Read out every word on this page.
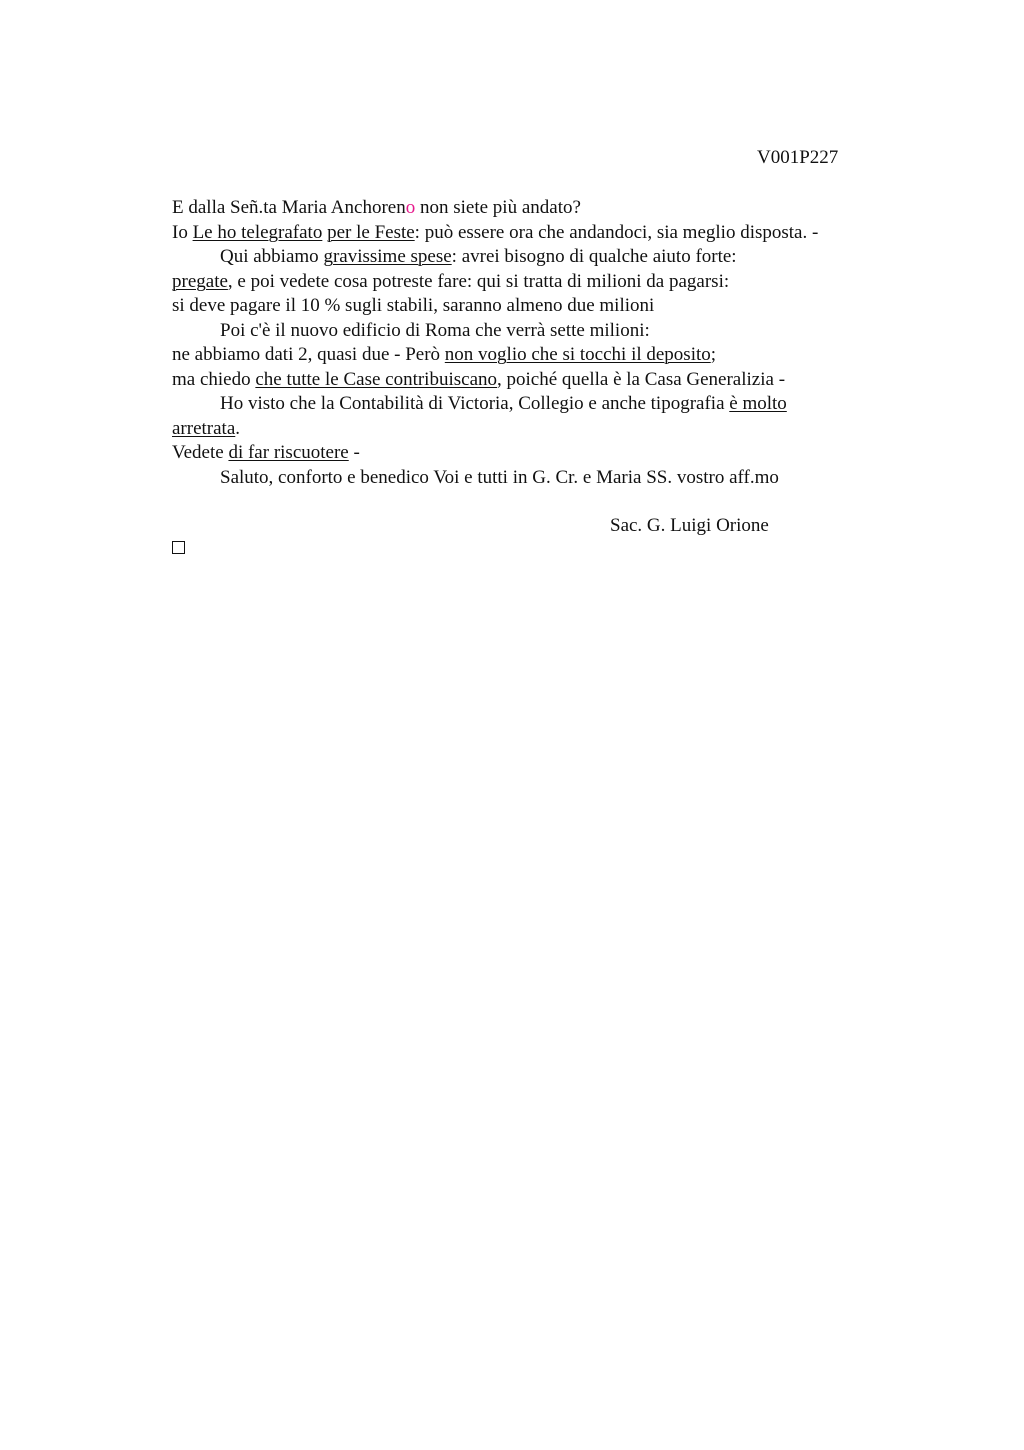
V001P227
E dalla Señ.ta Maria Anchoreno non siete più andato?
Io Le ho telegrafato per le Feste: può essere ora che andandoci, sia meglio disposta. -
Qui abbiamo gravissime spese: avrei bisogno di qualche aiuto forte:
pregate, e poi vedete cosa potreste fare: qui si tratta di milioni da pagarsi:
si deve pagare il 10 % sugli stabili, saranno almeno due milioni
Poi c'è il nuovo edificio di Roma che verrà sette milioni:
ne abbiamo dati 2, quasi due - Però non voglio che si tocchi il deposito;
ma chiedo che tutte le Case contribuiscano, poiché quella è la Casa Generalizia -
Ho visto che la Contabilità di Victoria, Collegio e anche tipografia è molto
arretrata.
Vedete di far riscuotere -
Saluto, conforto e benedico Voi e tutti in G. Cr. e Maria SS. vostro aff.mo
Sac. G. Luigi Orione
